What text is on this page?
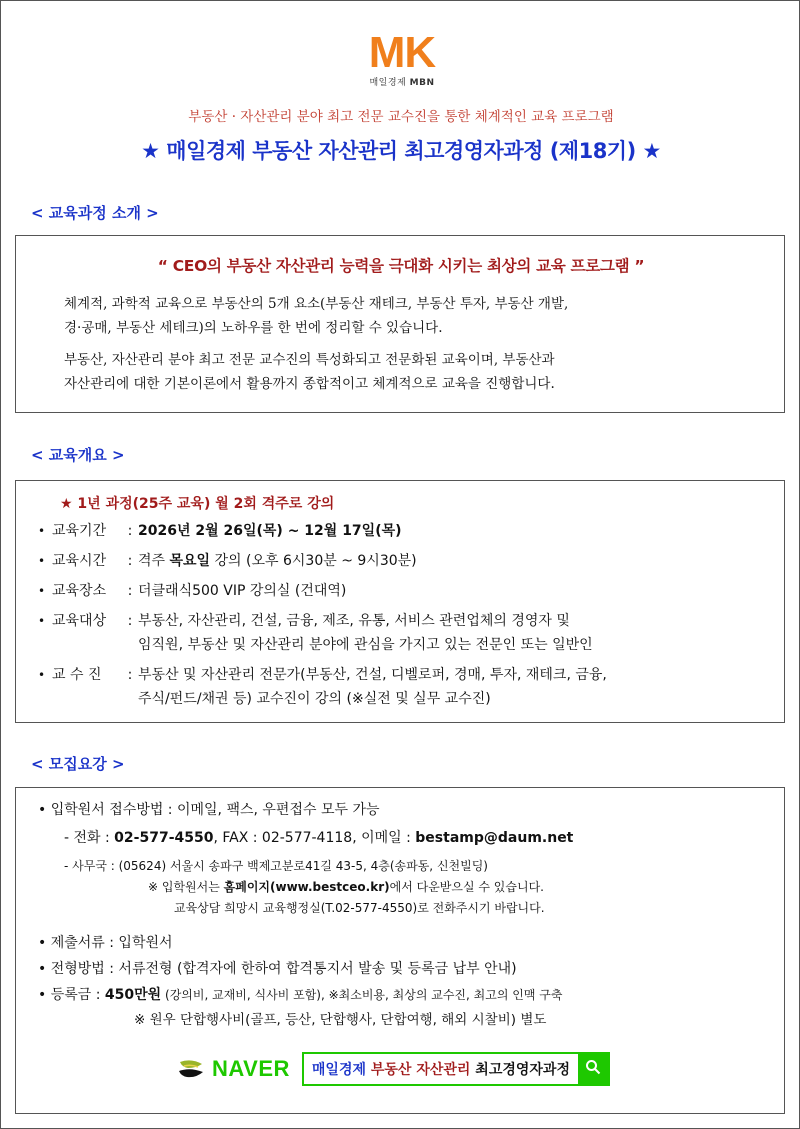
MK
매일경제 MBN
부동산 · 자산관리 분야 최고 전문 교수진을 통한 체계적인 교육 프로그램
★ 매일경제 부동산 자산관리 최고경영자과정 (제18기) ★
< 교육과정 소개 >
“ CEO의 부동산 자산관리 능력을 극대화 시키는 최상의 교육 프로그램 ”

체계적, 과학적 교육으로 부동산의 5개 요소(부동산 재테크, 부동산 투자, 부동산 개발,
경·공매, 부동산 세테크)의 노하우를 한 번에 정리할 수 있습니다.

부동산, 자산관리 분야 최고 전문 교수진의 특성화되고 전문화된 교육이며, 부동산과
자산관리에 대한 기본이론에서 활용까지 종합적이고 체계적으로 교육을 진행합니다.

< 교육개요 >
★ 1년 과정(25주 교육) 월 2회 격주로 강의
• 교육기간	: 2026년 2월 26일(목) ~ 12월 17일(목)
• 교육시간	: 격주 목요일 강의 (오후 6시30분 ~ 9시30분)
• 교육장소	: 더클래식500 VIP 강의실 (건대역)
• 교육대상	: 부동산, 자산관리, 건설, 금융, 제조, 유통, 서비스 관련업체의 경영자 및
임직원, 부동산 및 자산관리 분야에 관심을 가지고 있는 전문인 또는 일반인
• 교 수 진	: 부동산 및 자산관리 전문가(부동산, 건설, 디벨로퍼, 경매, 투자, 재테크, 금융,
주식/펀드/채권 등) 교수진이 강의 (※실전 및 실무 교수진)
< 모집요강 >
• 입학원서 접수방법 : 이메일, 팩스, 우편접수 모두 가능
- 전화 : 02-577-4550, FAX : 02-577-4118, 이메일 : bestamp@daum.net
- 사무국 : (05624) 서울시 송파구 백제고분로41길 43-5, 4층(송파동, 신천빌딩)
※ 입학원서는 홈페이지(www.bestceo.kr)에서 다운받으실 수 있습니다.
교육상담 희망시 교육행정실(T.02-577-4550)로 전화주시기 바랍니다.
• 제출서류 : 입학원서
• 전형방법 : 서류전형 (합격자에 한하여 합격통지서 발송 및 등록금 납부 안내)
• 등록금 : 450만원 (강의비, 교재비, 식사비 포함), ※최소비용, 최상의 교수진, 최고의 인맥 구축
※ 원우 단합행사비(골프, 등산, 단합행사, 단합여행, 해외 시찰비) 별도
NAVER	매일경제 부동산 자산관리 최고경영자과정
